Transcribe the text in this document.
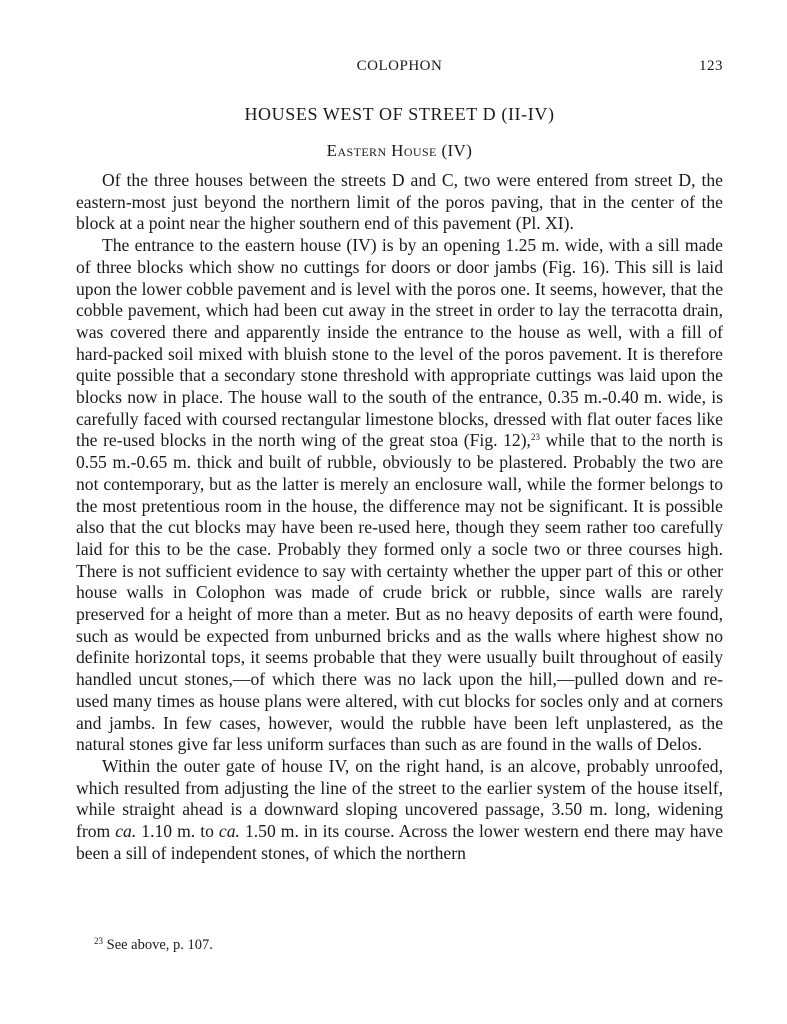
COLOPHON	123
HOUSES WEST OF STREET D (II-IV)
Eastern House (IV)

Of the three houses between the streets D and C, two were entered from street D, the eastern-most just beyond the northern limit of the poros paving, that in the center of the block at a point near the higher southern end of this pavement (Pl. XI).

The entrance to the eastern house (IV) is by an opening 1.25 m. wide, with a sill made of three blocks which show no cuttings for doors or door jambs (Fig. 16). This sill is laid upon the lower cobble pavement and is level with the poros one. It seems, however, that the cobble pavement, which had been cut away in the street in order to lay the terracotta drain, was covered there and apparently inside the entrance to the house as well, with a fill of hard-packed soil mixed with bluish stone to the level of the poros pavement. It is therefore quite possible that a secondary stone threshold with appropriate cuttings was laid upon the blocks now in place. The house wall to the south of the entrance, 0.35 m.-0.40 m. wide, is carefully faced with coursed rectangular limestone blocks, dressed with flat outer faces like the re-used blocks in the north wing of the great stoa (Fig. 12),$^{23}$ while that to the north is 0.55 m.-0.65 m. thick and built of rubble, obviously to be plastered. Probably the two are not contemporary, but as the latter is merely an enclosure wall, while the former belongs to the most pretentious room in the house, the difference may not be significant. It is possible also that the cut blocks may have been re-used here, though they seem rather too carefully laid for this to be the case. Probably they formed only a socle two or three courses high. There is not sufficient evidence to say with certainty whether the upper part of this or other house walls in Colophon was made of crude brick or rubble, since walls are rarely preserved for a height of more than a meter. But as no heavy deposits of earth were found, such as would be expected from unburned bricks and as the walls where highest show no definite horizontal tops, it seems probable that they were usually built throughout of easily handled uncut stones,—of which there was no lack upon the hill,—pulled down and re-used many times as house plans were altered, with cut blocks for socles only and at corners and jambs. In few cases, however, would the rubble have been left unplastered, as the natural stones give far less uniform surfaces than such as are found in the walls of Delos.

Within the outer gate of house IV, on the right hand, is an alcove, probably unroofed, which resulted from adjusting the line of the street to the earlier system of the house itself, while straight ahead is a downward sloping uncovered passage, 3.50 m. long, widening from ca. 1.10 m. to ca. 1.50 m. in its course. Across the lower western end there may have been a sill of independent stones, of which the northern

$^{23}$ See above, p. 107.
